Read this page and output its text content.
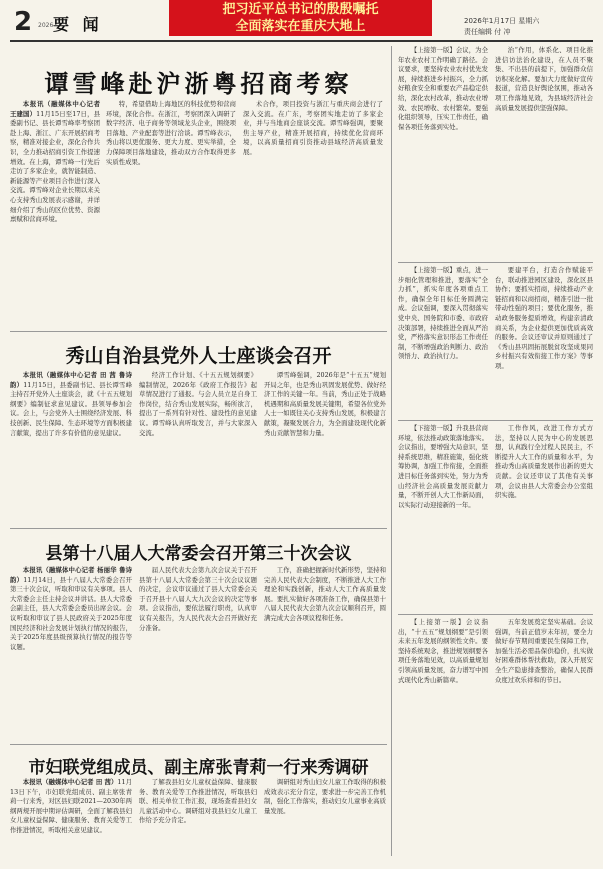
2 2026 要 闻
把习近平总书记的殷殷嘱托
全面落实在重庆大地上	2026年1月17日 星期六
责任编辑 付 冲
谭雪峰赴沪浙粤招商考察

本报讯（融媒体中心记者 王建国）11月15日至17日，县委副书记、县长谭雪峰率考察团赴上海、浙江、广东开展招商考察，精准对接企业，深化合作共识，全力推动招商引资工作提速增效。在上海，谭雪峰一行先后走访了多家企业，就智能制造、新能源等产业项目合作进行深入交流。谭雪峰对企业长期以来关心支持秀山发展表示感谢，并详细介绍了秀山的区位优势、资源禀赋和营商环境。

特，希望借助上海地区的科技优势和营商环境，深化合作。在浙江，考察团深入调研了数字经济、电子商务等领域龙头企业，围绕项目落地、产业配套等进行洽谈。谭雪峰表示，秀山将以更优服务、更大力度、更实举措，全力保障项目落地建设，推动双方合作取得更多实质性成果。

术合作，项目投资与浙江与重庆商会进行了深入交流。在广东，考察团实地走访了多家企业，并与当地商会座谈交流。谭雪峰强调，要聚焦主导产业，精准开展招商，持续优化营商环境，以高质量招商引资推动县域经济高质量发展。

【上接第一版】会议，为全年农业农村工作明确了路径。会议要求，要坚持农业农村优先发展，持续推进乡村振兴，全力抓好粮食安全和重要农产品稳定供给，深化农村改革，推动农业增效、农民增收、农村繁荣。要强化组织领导，压实工作责任，确保各项任务落到实处。

治“作用，体系化、项目化推进信访法治化建设，在人员不聚集、不出县的前提下，加强群众信访积案化解。要加大力度做好宣传报道，营造良好舆论氛围，推动各项工作落地见效，为县域经济社会高质量发展提供坚强保障。

秀山自治县党外人士座谈会召开

本报讯（融媒体中心记者 田 茜 鲁诗韵）11月15日，县委副书记、县长谭雪峰主持召开党外人士座谈会，就《十五五规划纲要》编制征求意见建议。县领导参加会议。会上，与会党外人士围绕经济发展、科技创新、民生保障、生态环境等方面积极建言献策，提出了许多有价值的意见建议。

经济工作计划、《十五五规划纲要》编制情况，2026年《政府工作报告》起草情况进行了通报。与会人员立足自身工作岗位，结合秀山发展实际，畅所欲言，提出了一系列有针对性、建设性的意见建议。谭雪峰认真听取发言，并与大家深入交流。

谭雪峰强调，2026年是“十五五”规划开局之年，也是秀山巩固发展优势、做好经济工作的关键一年。当前，秀山正处于战略机遇期和高质量发展关键期，希望各位党外人士一如既往关心支持秀山发展，积极建言献策，凝聚发展合力，为全面建设现代化新秀山贡献智慧和力量。

【上接第一版】重点，进一步细化管理和推进，要落实“全力抓”，抓实年度各项重点工作，确保全年目标任务圆满完成。会议强调，要深入贯彻落实党中央、国务院和市委、市政府决策部署，持续推进全面从严治党，严格落实意识形态工作责任制，不断增强政治判断力、政治领悟力、政治执行力。

要建平台，打造合作赋能平台，联动推进园区建设，深化区县协作；要抓实招商，持续推动产业链招商和以商招商，精准引进一批带动性强的项目；要优化服务，推动政务服务提质增效，构建亲清政商关系，为企业提供更加优质高效的服务。会议还审议并原则通过了《秀山县巩固拓展脱贫攻坚成果同乡村振兴有效衔接工作方案》等事项。

县第十八届人大常委会召开第三十次会议

本报讯（融媒体中心记者 杨丽华 鲁诗韵）11月14日，县十八届人大常委会召开第三十次会议，听取和审议有关事项。县人大常委会主任主持会议并讲话。县人大常委会副主任，县人大常委会委员出席会议。会议听取和审议了县人民政府关于2025年度国民经济和社会发展计划执行情况的报告，关于2025年度县级预算执行情况的报告等议题。

届人民代表大会第九次会议关于召开县第十八届人大常委会第三十次会议议题的决定，会议审议通过了县人大常委会关于召开县十八届人大九次会议的决定等事项。会议指出，要依法履行职责，认真审议有关报告，为人民代表大会召开做好充分准备。

工作，准确把握新时代新形势，坚持和完善人民代表大会制度，不断推进人大工作理论和实践创新，推动人大工作高质量发展。要扎实做好各项准备工作，确保县第十八届人民代表大会第九次会议顺利召开，圆满完成大会各项议程和任务。

【下接第一版】升我县营商环境，依法推动政策落地落实。会议指出，要增强大局意识，坚持系统思维，精准施策，强化统筹协调，加强工作衔接，全面推进目标任务落到实处，努力为秀山经济社会高质量发展贡献力量，不断开创人大工作新局面，以实际行动迎接新的一年。

工作作风，改进工作方式方法，坚持以人民为中心的发展思想，认真践行全过程人民民主，不断提升人大工作的质量和水平，为推动秀山高质量发展作出新的更大贡献。会议还审议了其他有关事项，会议由县人大常委会办公室组织实施。

市妇联党组成员、副主席张青莉一行来秀调研

本报讯（融媒体中心记者 田 茜）11月13日下午，市妇联党组成员、副主席张青莉一行来秀，对区县妇联2021—2030年两纲两规开展中期评估调研，全面了解我县妇女儿童权益保障、健康服务、教育关爱等工作推进情况，听取相关意见建议。

了解我县妇女儿童权益保障、健康服务、教育关爱等工作推进情况，听取县妇联、相关单位工作汇报，现场查看县妇女儿童活动中心。调研组对我县妇女儿童工作给予充分肯定。

调研组对秀山妇女儿童工作取得的积极成效表示充分肯定，要求进一步完善工作机制，强化工作落实，推动妇女儿童事业高质量发展。

【上接第一版】会议指出，“十五五”规划纲要”是引领未来五年发展的纲领性文件。要坚持系统观念，推进规划纲要各项任务落地见效，以高质量规划引领高质量发展，奋力谱写中国式现代化秀山新篇章。

五年发展奠定坚实基础。会议强调，当前正值岁末年初，要全力做好春节期间重要民生保障工作，加强生活必需品保供稳价，扎实做好困难群体帮扶救助，深入开展安全生产隐患排查整治，确保人民群众度过欢乐祥和的节日。
